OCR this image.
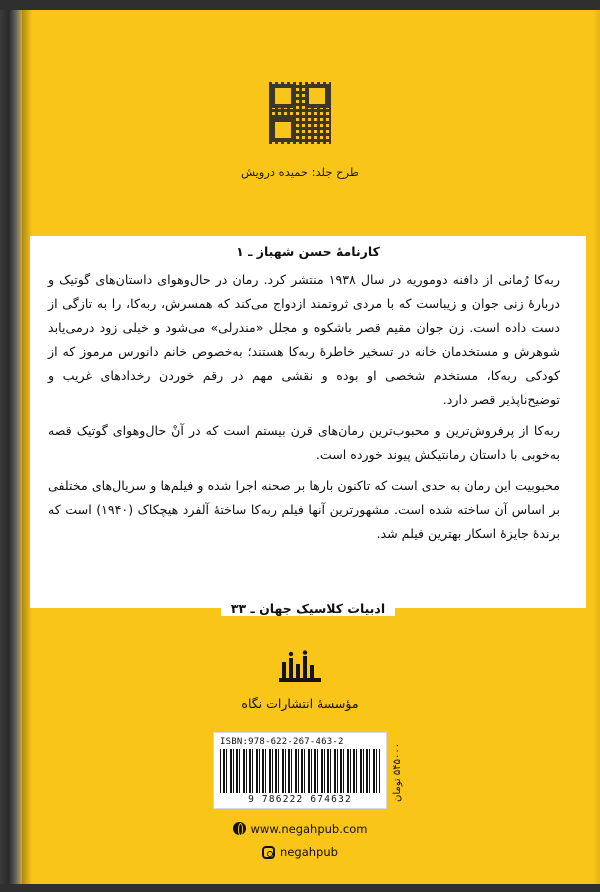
طرح جلد: حمیده درویش
کارنامهٔ حسن شهباز ـ ۱

ربه‌کا رُمانی از دافنه دوموریه در سال ۱۹۳۸ منتشر کرد. رمان در حال‌وهوای داستان‌های گوتیک و دربارهٔ زنی جوان و زیباست که با مردی ثروتمند ازدواج می‌کند که همسرش، ربه‌کا، را به تازگی از دست داده است. زن جوان مقیم قصر باشکوه و مجلل «مندرلی» می‌شود و خیلی زود درمی‌یابد شوهرش و مستخدمان خانه در تسخیر خاطرهٔ ربه‌کا هستند؛ به‌خصوص خانم دانورس مرموز که از کودکی ربه‌کا، مستخدم شخصی او بوده و نقشی مهم در رقم خوردن رخدادهای غریب و توضیح‌ناپذیر قصر دارد.

ربه‌کا از پرفروش‌ترین و محبوب‌ترین رمان‌های قرن بیستم است که در آنْ حال‌وهوای گوتیک قصه به‌خوبی با داستان رمانتیکش پیوند خورده است.

محبوبیت این رمان به حدی است که تاکنون بارها بر صحنه اجرا شده و فیلم‌ها و سریال‌های مختلفی بر اساس آن ساخته شده است. مشهورترین آنها فیلم ربه‌کا ساختهٔ آلفرد هیچکاک (۱۹۴۰) است که برندهٔ جایزهٔ اسکار بهترین فیلم شد.

ادبیات کلاسیک جهان ـ ۳۳
مؤسسهٔ انتشارات نگاه
ISBN:978-622-267-463-2
9 786222 674632	۵۴۵۰۰۰ تومان
www.negahpub.com
negahpub
